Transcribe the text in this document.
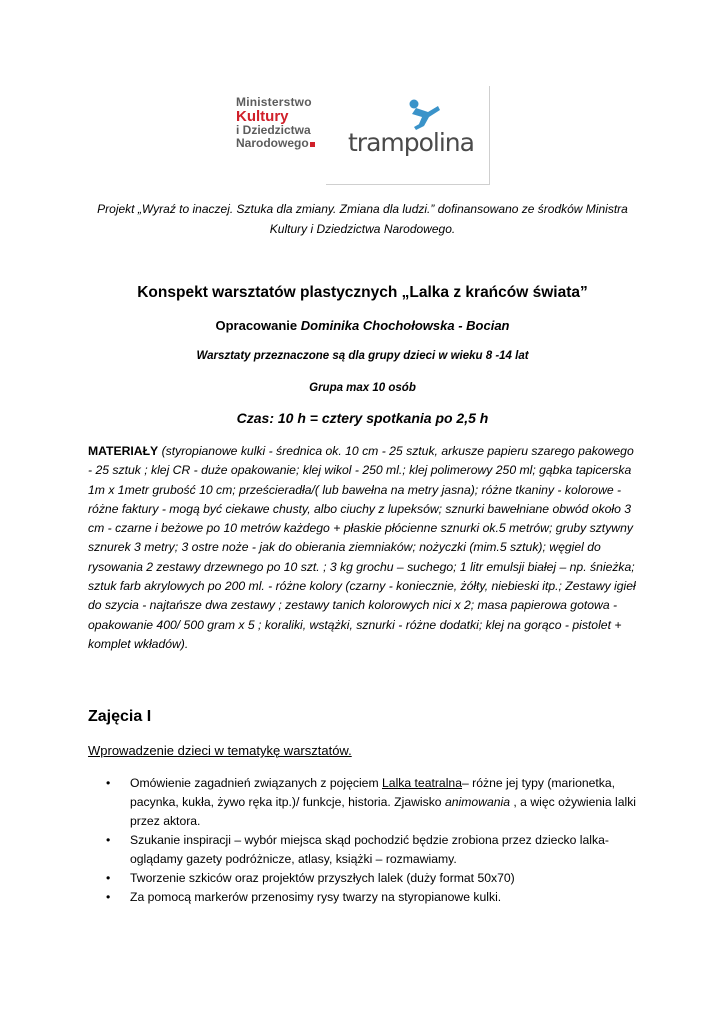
Ministerstwo
Kultury
i Dziedzictwa
Narodowego	trampolina
Projekt „Wyraź to inaczej. Sztuka dla zmiany. Zmiana dla ludzi.” dofinansowano ze środków Ministra Kultury i Dziedzictwa Narodowego.
Konspekt warsztatów plastycznych „Lalka z krańców świata”
Opracowanie Dominika Chochołowska - Bocian
Warsztaty przeznaczone są dla grupy dzieci w wieku 8 -14 lat
Grupa max 10 osób
Czas: 10 h = cztery spotkania po 2,5 h
MATERIAŁY (styropianowe kulki - średnica ok. 10 cm - 25 sztuk, arkusze papieru szarego pakowego - 25 sztuk ; klej CR - duże opakowanie; klej wikol - 250 ml.; klej polimerowy 250 ml; gąbka tapicerska 1m x 1metr grubość 10 cm; prześcieradła/( lub bawełna na metry jasna); różne tkaniny - kolorowe - różne faktury - mogą być ciekawe chusty, albo ciuchy z lupeksów; sznurki bawełniane obwód około 3 cm - czarne i beżowe po 10 metrów każdego + płaskie płócienne sznurki ok.5 metrów; gruby sztywny sznurek 3 metry; 3 ostre noże - jak do obierania ziemniaków; nożyczki (mim.5 sztuk); węgiel do rysowania 2 zestawy drzewnego po 10 szt. ; 3 kg grochu – suchego; 1 litr emulsji białej – np. śnieżka; sztuk farb akrylowych po 200 ml. - różne kolory (czarny - koniecznie, żółty, niebieski itp.; Zestawy igieł do szycia - najtańsze dwa zestawy ; zestawy tanich kolorowych nici x 2; masa papierowa gotowa - opakowanie 400/ 500 gram x 5 ; koraliki, wstążki, sznurki - różne dodatki; klej na gorąco - pistolet + komplet wkładów).
Zajęcia I
Wprowadzenie dzieci w tematykę warsztatów.
• Omówienie zagadnień związanych z pojęciem Lalka teatralna– różne jej typy (marionetka, pacynka, kukła, żywo ręka itp.)/ funkcje, historia. Zjawisko animowania , a więc ożywienia lalki przez aktora.
• Szukanie inspiracji – wybór miejsca skąd pochodzić będzie zrobiona przez dziecko lalka- oglądamy gazety podróżnicze, atlasy, książki – rozmawiamy.
• Tworzenie szkiców oraz projektów przyszłych lalek (duży format 50x70)
• Za pomocą markerów przenosimy rysy twarzy na styropianowe kulki.
